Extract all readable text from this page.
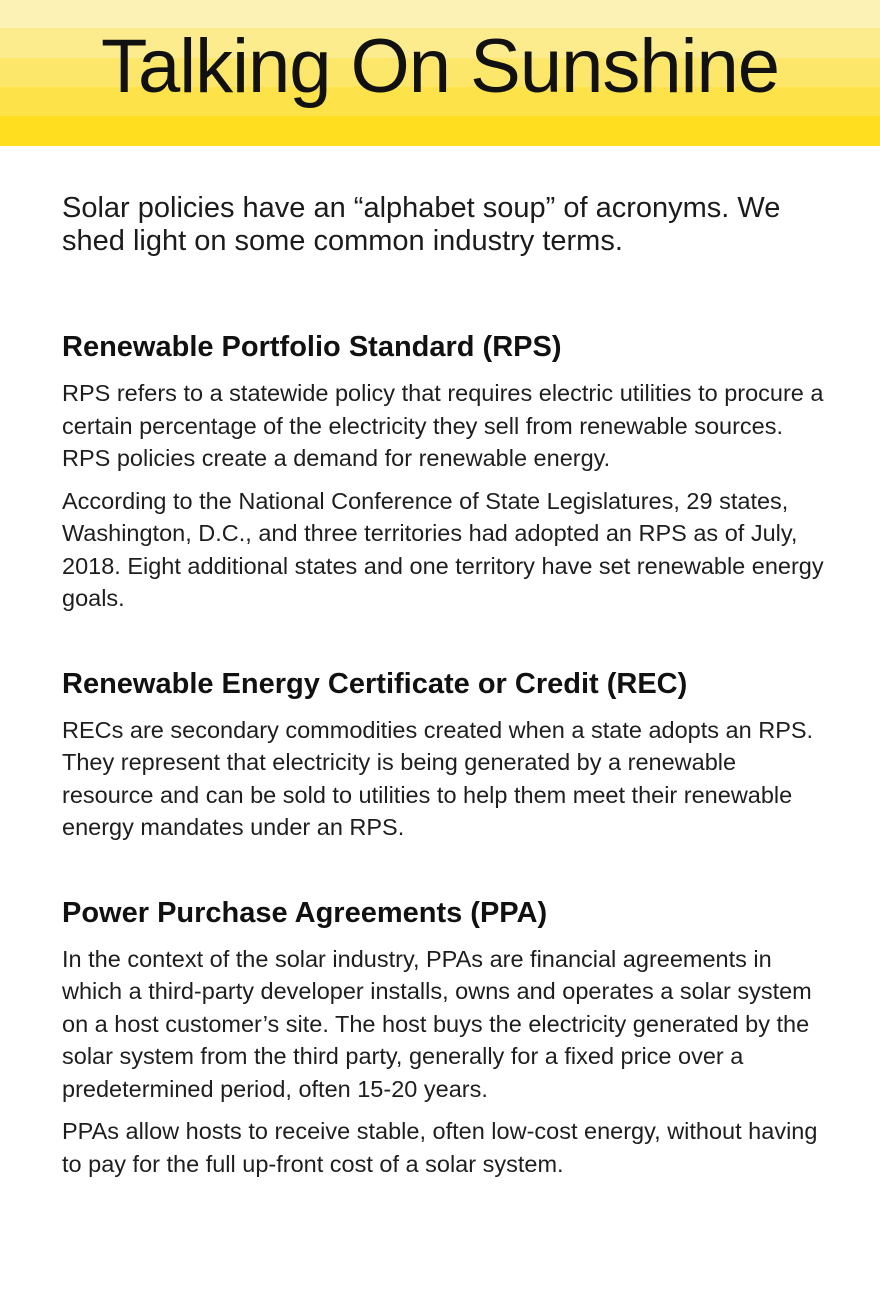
Talking On Sunshine

Solar policies have an “alphabet soup” of acronyms. We shed light on some common industry terms.

Renewable Portfolio Standard (RPS)

RPS refers to a statewide policy that requires electric utilities to procure a certain percentage of the electricity they sell from renewable sources. RPS policies create a demand for renewable energy.

According to the National Conference of State Legislatures, 29 states, Washington, D.C., and three territories had adopted an RPS as of July, 2018. Eight additional states and one territory have set renewable energy goals.

Renewable Energy Certificate or Credit (REC)

RECs are secondary commodities created when a state adopts an RPS. They represent that electricity is being generated by a renewable resource and can be sold to utilities to help them meet their renewable energy mandates under an RPS.

Power Purchase Agreements (PPA)

In the context of the solar industry, PPAs are financial agreements in which a third-party developer installs, owns and operates a solar system on a host customer’s site. The host buys the electricity generated by the solar system from the third party, generally for a fixed price over a predetermined period, often 15-20 years.

PPAs allow hosts to receive stable, often low-cost energy, without having to pay for the full up-front cost of a solar system.
